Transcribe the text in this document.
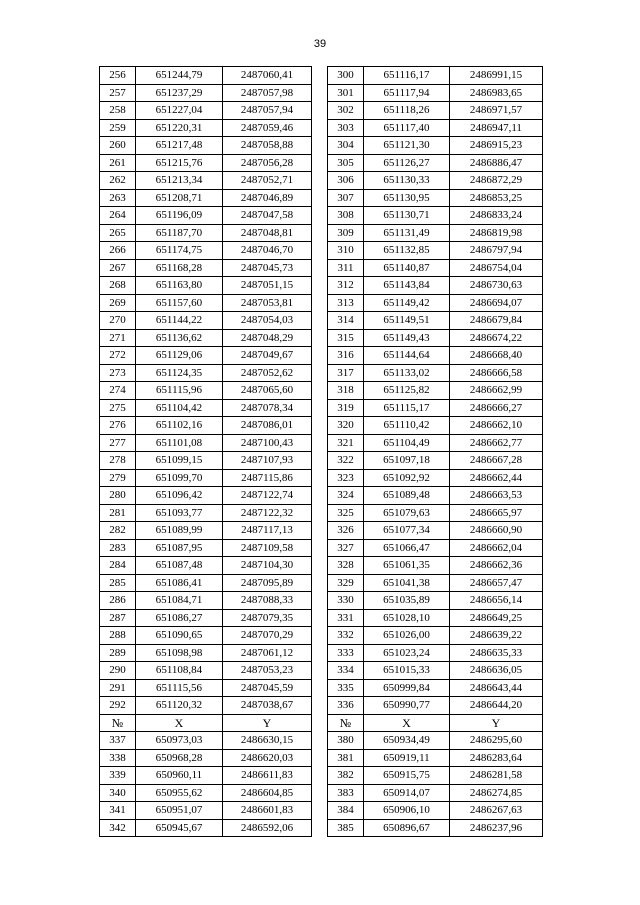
39
256	651244,79	2487060,41		300	651116,17	2486991,15
257	651237,29	2487057,98		301	651117,94	2486983,65
258	651227,04	2487057,94		302	651118,26	2486971,57
259	651220,31	2487059,46		303	651117,40	2486947,11
260	651217,48	2487058,88		304	651121,30	2486915,23
261	651215,76	2487056,28		305	651126,27	2486886,47
262	651213,34	2487052,71		306	651130,33	2486872,29
263	651208,71	2487046,89		307	651130,95	2486853,25
264	651196,09	2487047,58		308	651130,71	2486833,24
265	651187,70	2487048,81		309	651131,49	2486819,98
266	651174,75	2487046,70		310	651132,85	2486797,94
267	651168,28	2487045,73		311	651140,87	2486754,04
268	651163,80	2487051,15		312	651143,84	2486730,63
269	651157,60	2487053,81		313	651149,42	2486694,07
270	651144,22	2487054,03		314	651149,51	2486679,84
271	651136,62	2487048,29		315	651149,43	2486674,22
272	651129,06	2487049,67		316	651144,64	2486668,40
273	651124,35	2487052,62		317	651133,02	2486666,58
274	651115,96	2487065,60		318	651125,82	2486662,99
275	651104,42	2487078,34		319	651115,17	2486666,27
276	651102,16	2487086,01		320	651110,42	2486662,10
277	651101,08	2487100,43		321	651104,49	2486662,77
278	651099,15	2487107,93		322	651097,18	2486667,28
279	651099,70	2487115,86		323	651092,92	2486662,44
280	651096,42	2487122,74		324	651089,48	2486663,53
281	651093,77	2487122,32		325	651079,63	2486665,97
282	651089,99	2487117,13		326	651077,34	2486660,90
283	651087,95	2487109,58		327	651066,47	2486662,04
284	651087,48	2487104,30		328	651061,35	2486662,36
285	651086,41	2487095,89		329	651041,38	2486657,47
286	651084,71	2487088,33		330	651035,89	2486656,14
287	651086,27	2487079,35		331	651028,10	2486649,25
288	651090,65	2487070,29		332	651026,00	2486639,22
289	651098,98	2487061,12		333	651023,24	2486635,33
290	651108,84	2487053,23		334	651015,33	2486636,05
291	651115,56	2487045,59		335	650999,84	2486643,44
292	651120,32	2487038,67		336	650990,77	2486644,20
№	X	Y		№	X	Y
337	650973,03	2486630,15		380	650934,49	2486295,60
338	650968,28	2486620,03		381	650919,11	2486283,64
339	650960,11	2486611,83		382	650915,75	2486281,58
340	650955,62	2486604,85		383	650914,07	2486274,85
341	650951,07	2486601,83		384	650906,10	2486267,63
342	650945,67	2486592,06		385	650896,67	2486237,96
